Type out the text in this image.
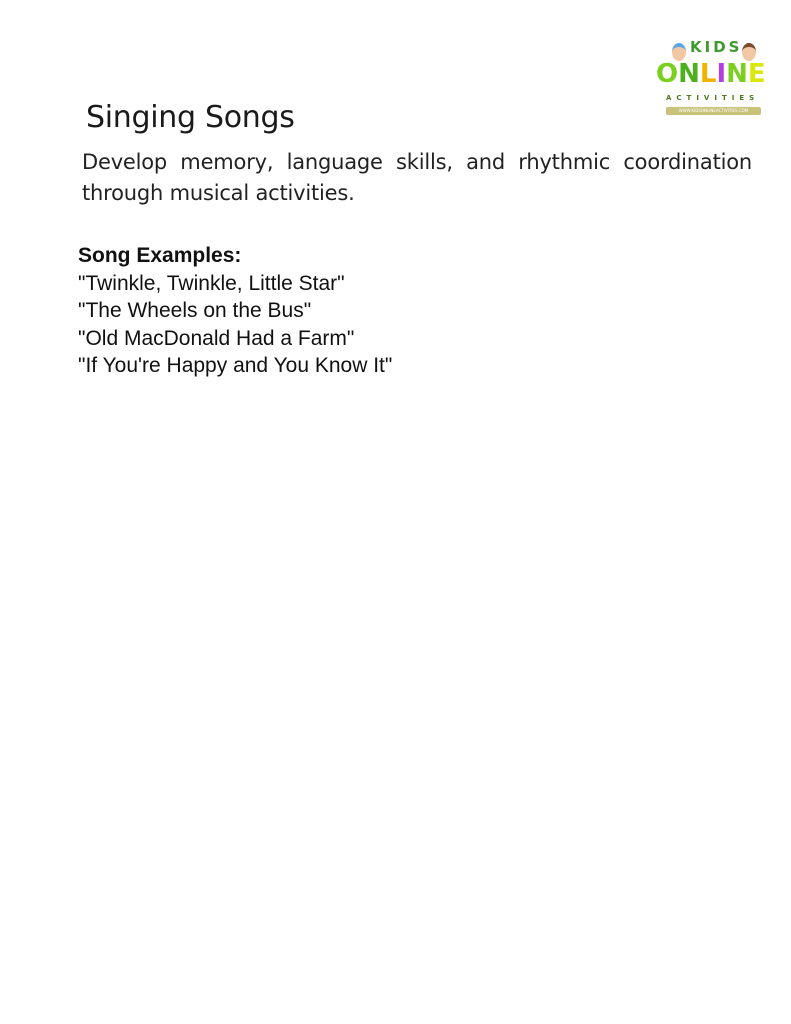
KIDS
ONLINE
ACTIVITIES
WWW.KIDSONLINEACTIVITIES.COM
Singing Songs

Develop memory, language skills, and rhythmic coordination through musical activities.

Song Examples:

"Twinkle, Twinkle, Little Star"
"The Wheels on the Bus"
"Old MacDonald Had a Farm"
"If You're Happy and You Know It"
